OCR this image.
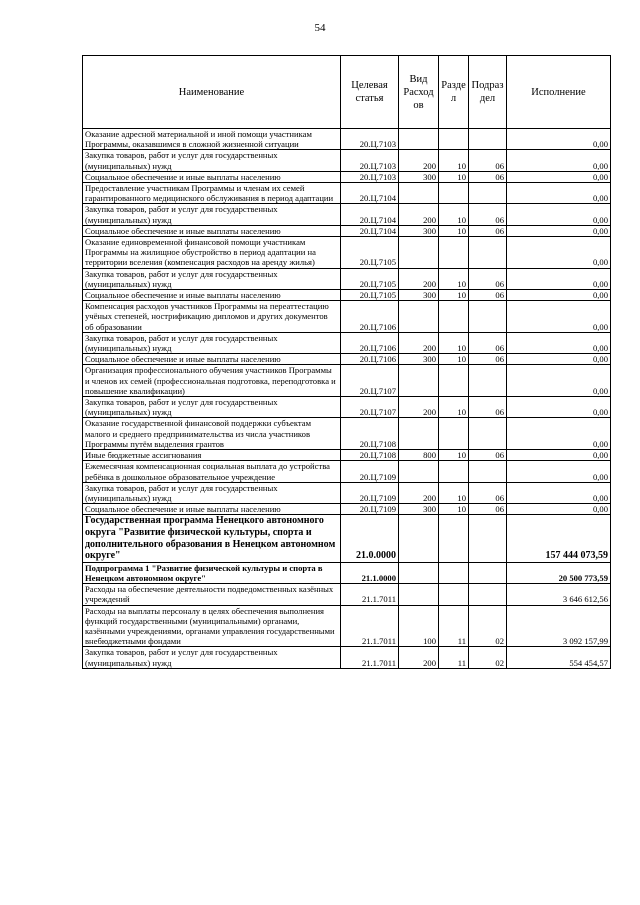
54
Наименование	Целевая статья	Вид Расход ов	Разде л	Подраз дел	Исполнение
Оказание адресной материальной и иной помощи участникам Программы, оказавшимся в сложной жизненной ситуации	20.Ц.7103				0,00
Закупка товаров, работ и услуг для государственных (муниципальных) нужд	20.Ц.7103	200	10	06	0,00
Социальное обеспечение и иные выплаты населению	20.Ц.7103	300	10	06	0,00
Предоставление участникам Программы и членам их семей гарантированного медицинского обслуживания в период адаптации	20.Ц.7104				0,00
Закупка товаров, работ и услуг для государственных (муниципальных) нужд	20.Ц.7104	200	10	06	0,00
Социальное обеспечение и иные выплаты населению	20.Ц.7104	300	10	06	0,00
Оказание единовременной финансовой помощи участникам Программы на жилищное обустройство в период адаптации на территории вселения (компенсация расходов на аренду жилья)	20.Ц.7105				0,00
Закупка товаров, работ и услуг для государственных (муниципальных) нужд	20.Ц.7105	200	10	06	0,00
Социальное обеспечение и иные выплаты населению	20.Ц.7105	300	10	06	0,00
Компенсация расходов участников Программы на переаттестацию учёных степеней, нострификацию дипломов и других документов об образовании	20.Ц.7106				0,00
Закупка товаров, работ и услуг для государственных (муниципальных) нужд	20.Ц.7106	200	10	06	0,00
Социальное обеспечение и иные выплаты населению	20.Ц.7106	300	10	06	0,00
Организация профессионального обучения участников Программы и членов их семей (профессиональная подготовка, переподготовка и повышение квалификации)	20.Ц.7107				0,00
Закупка товаров, работ и услуг для государственных (муниципальных) нужд	20.Ц.7107	200	10	06	0,00
Оказание государственной финансовой поддержки субъектам малого и среднего предпринимательства из числа участников Программы путём выделения грантов	20.Ц.7108				0,00
Иные бюджетные ассигнования	20.Ц.7108	800	10	06	0,00
Ежемесячная компенсационная социальная выплата до устройства ребёнка в дошкольное образовательное учреждение	20.Ц.7109				0,00
Закупка товаров, работ и услуг для государственных (муниципальных) нужд	20.Ц.7109	200	10	06	0,00
Социальное обеспечение и иные выплаты населению	20.Ц.7109	300	10	06	0,00
Государственная программа Ненецкого автономного округа "Развитие физической культуры, спорта и дополнительного образования в Ненецком автономном округе"	21.0.0000				157 444 073,59
Подпрограмма 1 "Развитие физической культуры и спорта в Ненецком автономном округе"	21.1.0000				20 500 773,59
Расходы на обеспечение деятельности подведомственных казённых учреждений	21.1.7011				3 646 612,56
Расходы на выплаты персоналу в целях обеспечения выполнения функций государственными (муниципальными) органами, казёнными учреждениями, органами управления государственными внебюджетными фондами	21.1.7011	100	11	02	3 092 157,99
Закупка товаров, работ и услуг для государственных (муниципальных) нужд	21.1.7011	200	11	02	554 454,57
